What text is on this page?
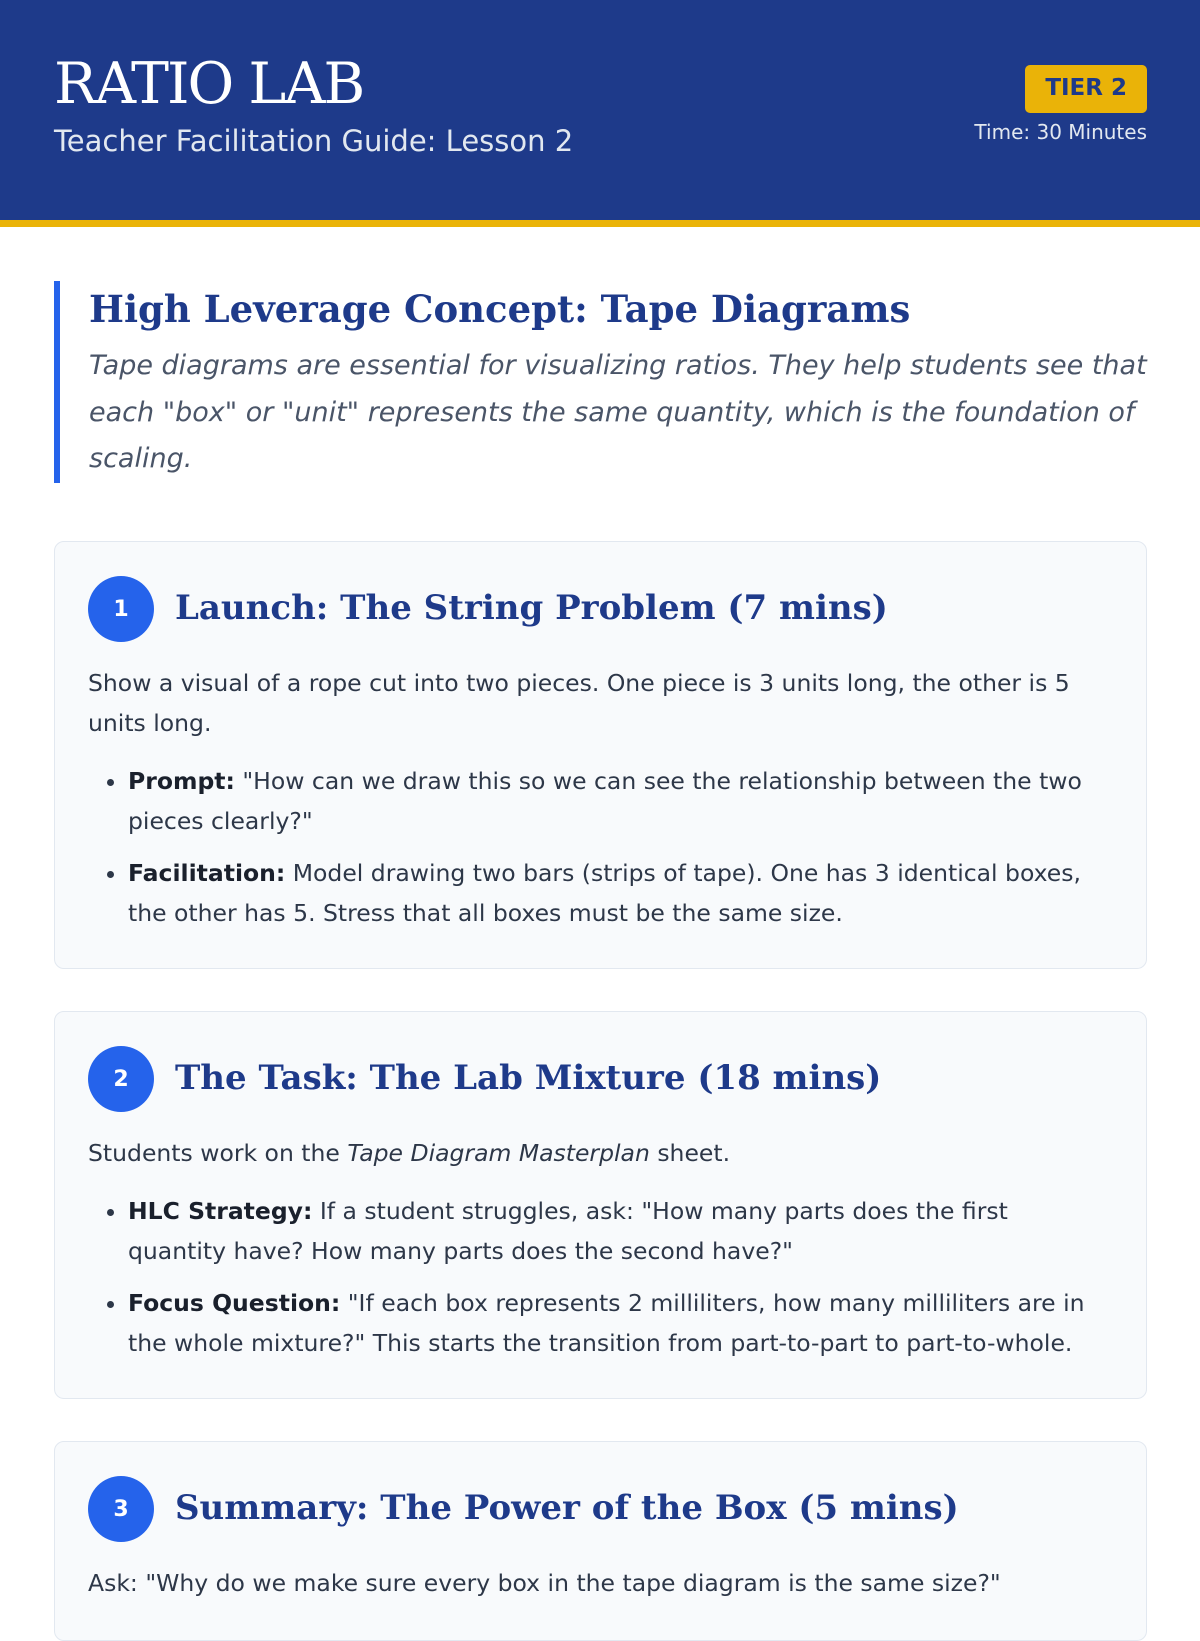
RATIO LAB
Teacher Facilitation Guide: Lesson 2
TIER 2
Time: 30 Minutes
High Leverage Concept: Tape Diagrams

Tape diagrams are essential for visualizing ratios. They help students see that each "box" or "unit" represents the same quantity, which is the foundation of scaling.

1	Launch: The String Problem (7 mins)

Show a visual of a rope cut into two pieces. One piece is 3 units long, the other is 5 units long.

• Prompt: "How can we draw this so we can see the relationship between the two pieces clearly?"
• Facilitation: Model drawing two bars (strips of tape). One has 3 identical boxes, the other has 5. Stress that all boxes must be the same size.
2	The Task: The Lab Mixture (18 mins)

Students work on the Tape Diagram Masterplan sheet.

• HLC Strategy: If a student struggles, ask: "How many parts does the first quantity have? How many parts does the second have?"
• Focus Question: "If each box represents 2 milliliters, how many milliliters are in the whole mixture?" This starts the transition from part-to-part to part-to-whole.
3	Summary: The Power of the Box (5 mins)

Ask: "Why do we make sure every box in the tape diagram is the same size?"
